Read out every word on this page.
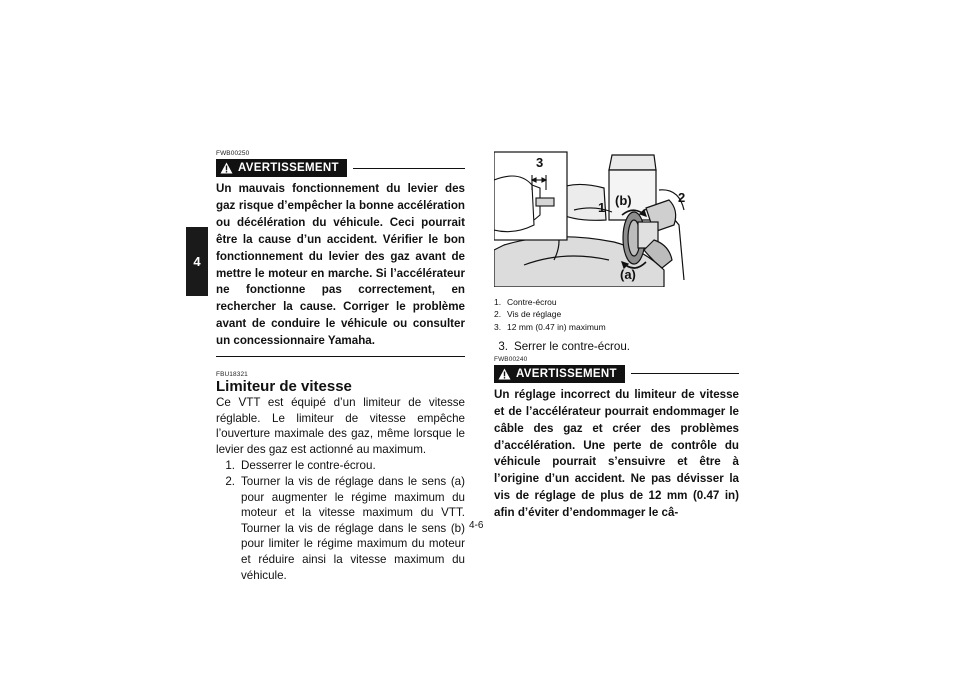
4
FWB00250
AVERTISSEMENT

Un mauvais fonctionnement du levier des gaz risque d’empêcher la bonne accélération ou décélération du véhicule. Ceci pourrait être la cause d’un accident. Vérifier le bon fonctionnement du levier des gaz avant de mettre le moteur en marche. Si l’accélérateur ne fonctionne pas correctement, en rechercher la cause. Corriger le problème avant de conduire le véhicule ou consulter un concessionnaire Yamaha.

FBU18321
Limiteur de vitesse

Ce VTT est équipé d’un limiteur de vitesse réglable. Le limiteur de vitesse empêche l’ouverture maximale des gaz, même lorsque le levier des gaz est actionné au maximum.

1. Desserrer le contre-écrou.
2. Tourner la vis de réglage dans le sens (a) pour augmenter le régime maximum du moteur et la vitesse maximum du VTT. Tourner la vis de réglage dans le sens (b) pour limiter le régime maximum du moteur et réduire ainsi la vitesse maximum du véhicule.
3
1 (b)	2
(a)
1. Contre-écrou
2. Vis de réglage
3. 12 mm (0.47 in) maximum
3. Serrer le contre-écrou.
FWB00240
AVERTISSEMENT

Un réglage incorrect du limiteur de vitesse et de l’accélérateur pourrait endommager le câble des gaz et créer des problèmes d’accélération. Une perte de contrôle du véhicule pourrait s’ensuivre et être à l’origine d’un accident. Ne pas dévisser la vis de réglage de plus de 12 mm (0.47 in) afin d’éviter d’endommager le câ-

4-6
